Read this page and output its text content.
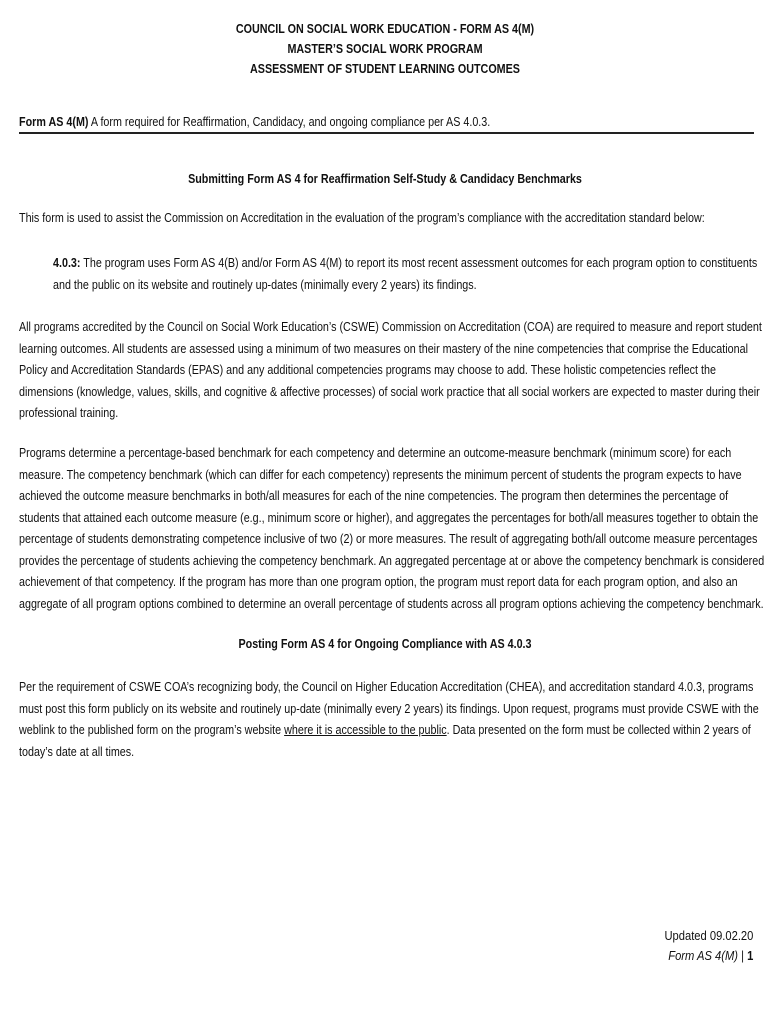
COUNCIL ON SOCIAL WORK EDUCATION - FORM AS 4(M)
MASTER’S SOCIAL WORK PROGRAM
ASSESSMENT OF STUDENT LEARNING OUTCOMES
Form AS 4(M) A form required for Reaffirmation, Candidacy, and ongoing compliance per AS 4.0.3.
Submitting Form AS 4 for Reaffirmation Self-Study & Candidacy Benchmarks
This form is used to assist the Commission on Accreditation in the evaluation of the program’s compliance with the accreditation standard below:
4.0.3: The program uses Form AS 4(B) and/or Form AS 4(M) to report its most recent assessment outcomes for each program option to constituents and the public on its website and routinely up-dates (minimally every 2 years) its findings.
All programs accredited by the Council on Social Work Education’s (CSWE) Commission on Accreditation (COA) are required to measure and report student learning outcomes. All students are assessed using a minimum of two measures on their mastery of the nine competencies that comprise the Educational Policy and Accreditation Standards (EPAS) and any additional competencies programs may choose to add. These holistic competencies reflect the dimensions (knowledge, values, skills, and cognitive & affective processes) of social work practice that all social workers are expected to master during their professional training.
Programs determine a percentage-based benchmark for each competency and determine an outcome-measure benchmark (minimum score) for each measure. The competency benchmark (which can differ for each competency) represents the minimum percent of students the program expects to have achieved the outcome measure benchmarks in both/all measures for each of the nine competencies. The program then determines the percentage of students that attained each outcome measure (e.g., minimum score or higher), and aggregates the percentages for both/all measures together to obtain the percentage of students demonstrating competence inclusive of two (2) or more measures. The result of aggregating both/all outcome measure percentages provides the percentage of students achieving the competency benchmark. An aggregated percentage at or above the competency benchmark is considered achievement of that competency. If the program has more than one program option, the program must report data for each program option, and also an aggregate of all program options combined to determine an overall percentage of students across all program options achieving the competency benchmark.
Posting Form AS 4 for Ongoing Compliance with AS 4.0.3
Per the requirement of CSWE COA’s recognizing body, the Council on Higher Education Accreditation (CHEA), and accreditation standard 4.0.3, programs must post this form publicly on its website and routinely up-date (minimally every 2 years) its findings. Upon request, programs must provide CSWE with the weblink to the published form on the program’s website where it is accessible to the public. Data presented on the form must be collected within 2 years of today’s date at all times.
Updated 09.02.20
Form AS 4(M) | 1
